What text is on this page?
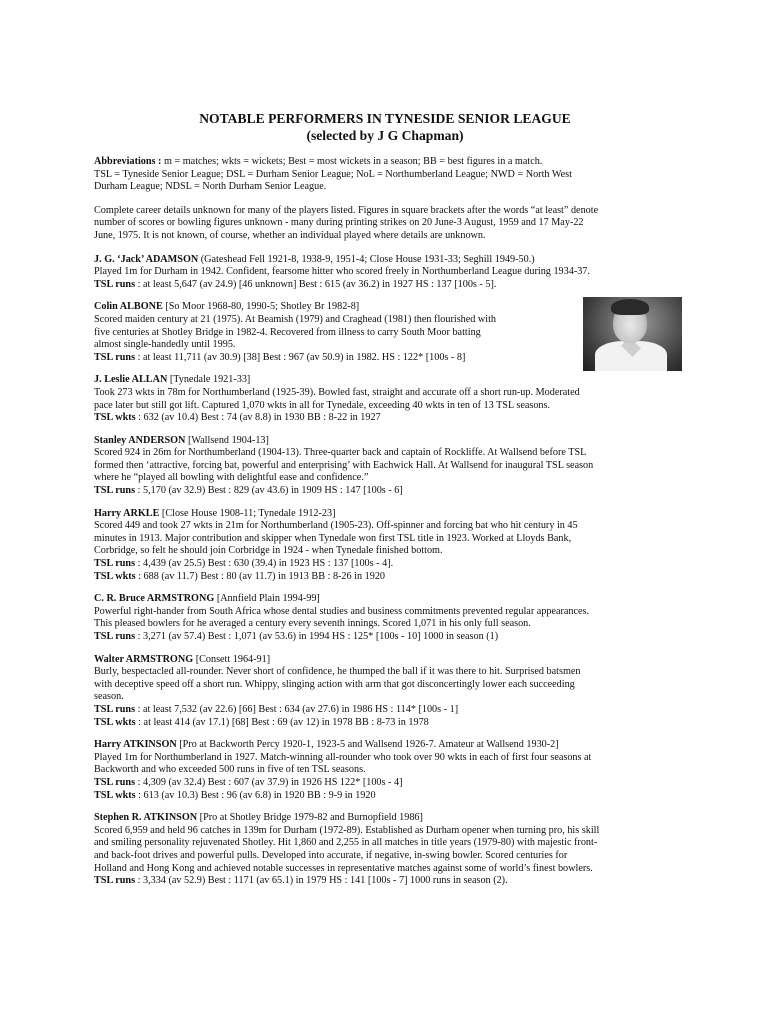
NOTABLE PERFORMERS IN TYNESIDE SENIOR LEAGUE
(selected by J G Chapman)
Abbreviations : m = matches; wkts = wickets; Best = most wickets in a season; BB = best figures in a match.
TSL = Tyneside Senior League; DSL = Durham Senior League; NoL = Northumberland League; NWD = North West
Durham League; NDSL = North Durham Senior League.
Complete career details unknown for many of the players listed. Figures in square brackets after the words “at least” denote
number of scores or bowling figures unknown - many during printing strikes on 20 June-3 August, 1959 and 17 May-22
June, 1975. It is not known, of course, whether an individual played where details are unknown.
J. G. ‘Jack’ ADAMSON (Gateshead Fell 1921-8, 1938-9, 1951-4; Close House 1931-33; Seghill 1949-50.)
Played 1m for Durham in 1942. Confident, fearsome hitter who scored freely in Northumberland League during 1934-37.
TSL runs : at least 5,647 (av 24.9) [46 unknown] Best : 615 (av 36.2) in 1927 HS : 137 [100s - 5].
Colin ALBONE [So Moor 1968-80, 1990-5; Shotley Br 1982-8]
Scored maiden century at 21 (1975). At Beamish (1979) and Craghead (1981) then flourished with
five centuries at Shotley Bridge in 1982-4. Recovered from illness to carry South Moor batting
almost single-handedly until 1995.
TSL runs : at least 11,711 (av 30.9) [38] Best : 967 (av 50.9) in 1982. HS : 122* [100s - 8]
J. Leslie ALLAN [Tynedale 1921-33]
Took 273 wkts in 78m for Northumberland (1925-39). Bowled fast, straight and accurate off a short run-up. Moderated
pace later but still got lift. Captured 1,070 wkts in all for Tynedale, exceeding 40 wkts in ten of 13 TSL seasons.
TSL wkts : 632 (av 10.4) Best : 74 (av 8.8) in 1930 BB : 8-22 in 1927
Stanley ANDERSON [Wallsend 1904-13]
Scored 924 in 26m for Northumberland (1904-13). Three-quarter back and captain of Rockliffe. At Wallsend before TSL
formed then ‘attractive, forcing bat, powerful and enterprising’ with Eachwick Hall. At Wallsend for inaugural TSL season
where he “played all bowling with delightful ease and confidence.”
TSL runs : 5,170 (av 32.9) Best : 829 (av 43.6) in 1909 HS : 147 [100s - 6]
Harry ARKLE [Close House 1908-11; Tynedale 1912-23]
Scored 449 and took 27 wkts in 21m for Northumberland (1905-23). Off-spinner and forcing bat who hit century in 45
minutes in 1913. Major contribution and skipper when Tynedale won first TSL title in 1923. Worked at Lloyds Bank,
Corbridge, so felt he should join Corbridge in 1924 - when Tynedale finished bottom.
TSL runs : 4,439 (av 25.5) Best : 630 (39.4) in 1923 HS : 137 [100s - 4].
TSL wkts : 688 (av 11.7) Best : 80 (av 11.7) in 1913 BB : 8-26 in 1920
C. R. Bruce ARMSTRONG [Annfield Plain 1994-99]
Powerful right-hander from South Africa whose dental studies and business commitments prevented regular appearances.
This pleased bowlers for he averaged a century every seventh innings. Scored 1,071 in his only full season.
TSL runs : 3,271 (av 57.4) Best : 1,071 (av 53.6) in 1994 HS : 125* [100s - 10] 1000 in season (1)
Walter ARMSTRONG [Consett 1964-91]
Burly, bespectacled all-rounder. Never short of confidence, he thumped the ball if it was there to hit. Surprised batsmen
with deceptive speed off a short run. Whippy, slinging action with arm that got disconcertingly lower each succeeding
season.
TSL runs : at least 7,532 (av 22.6) [66] Best : 634 (av 27.6) in 1986 HS : 114* [100s - 1]
TSL wkts : at least 414 (av 17.1) [68] Best : 69 (av 12) in 1978 BB : 8-73 in 1978
Harry ATKINSON [Pro at Backworth Percy 1920-1, 1923-5 and Wallsend 1926-7. Amateur at Wallsend 1930-2]
Played 1m for Northumberland in 1927. Match-winning all-rounder who took over 90 wkts in each of first four seasons at
Backworth and who exceeded 500 runs in five of ten TSL seasons.
TSL runs : 4,309 (av 32.4) Best : 607 (av 37.9) in 1926 HS 122* [100s - 4]
TSL wkts : 613 (av 10.3) Best : 96 (av 6.8) in 1920 BB : 9-9 in 1920
Stephen R. ATKINSON [Pro at Shotley Bridge 1979-82 and Burnopfield 1986]
Scored 6,959 and held 96 catches in 139m for Durham (1972-89). Established as Durham opener when turning pro, his skill
and smiling personality rejuvenated Shotley. Hit 1,860 and 2,255 in all matches in title years (1979-80) with majestic front-
and back-foot drives and powerful pulls. Developed into accurate, if negative, in-swing bowler. Scored centuries for
Holland and Hong Kong and achieved notable successes in representative matches against some of world’s finest bowlers.
TSL runs : 3,334 (av 52.9) Best : 1171 (av 65.1) in 1979 HS : 141 [100s - 7] 1000 runs in season (2).
